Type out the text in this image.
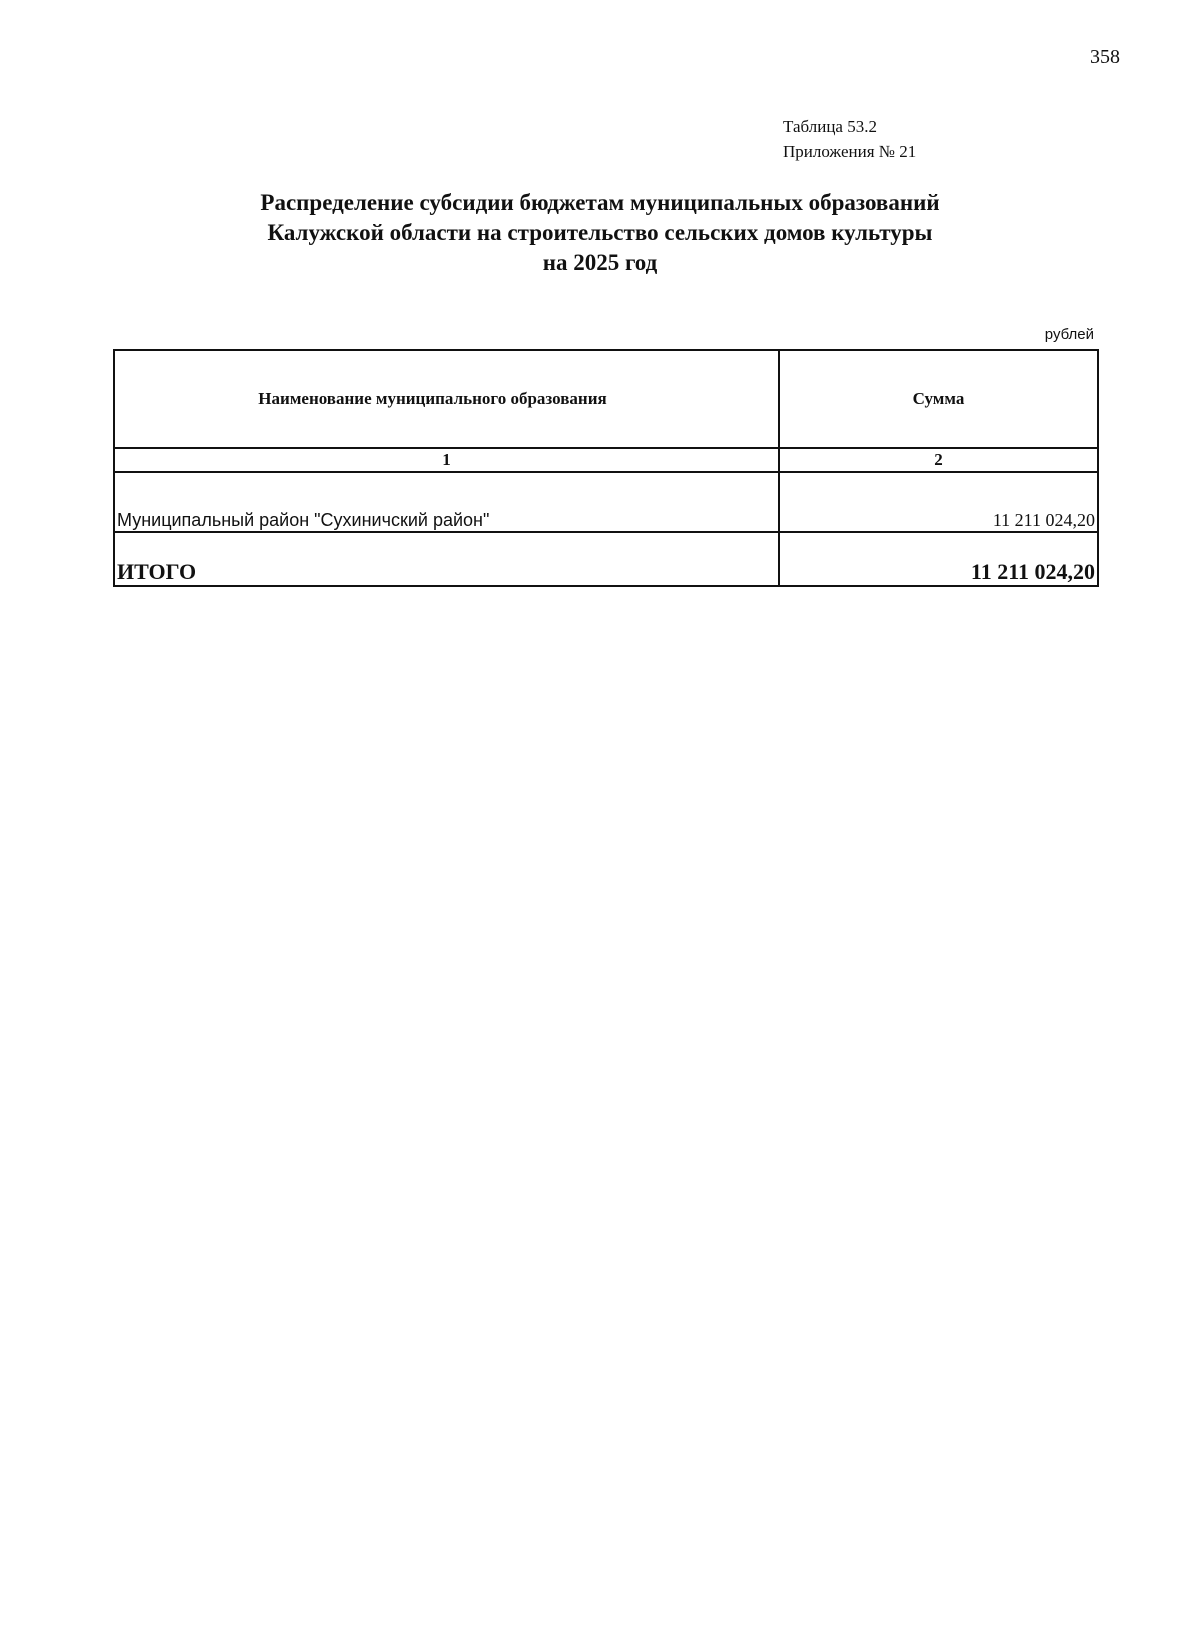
358
Таблица 53.2
Приложения № 21
Распределение субсидии бюджетам муниципальных образований
Калужской области на строительство сельских домов культуры
на 2025 год
рублей
Наименование муниципального образования	Сумма
1	2
Муниципальный район "Сухиничский район"	11 211 024,20
ИТОГО	11 211 024,20
